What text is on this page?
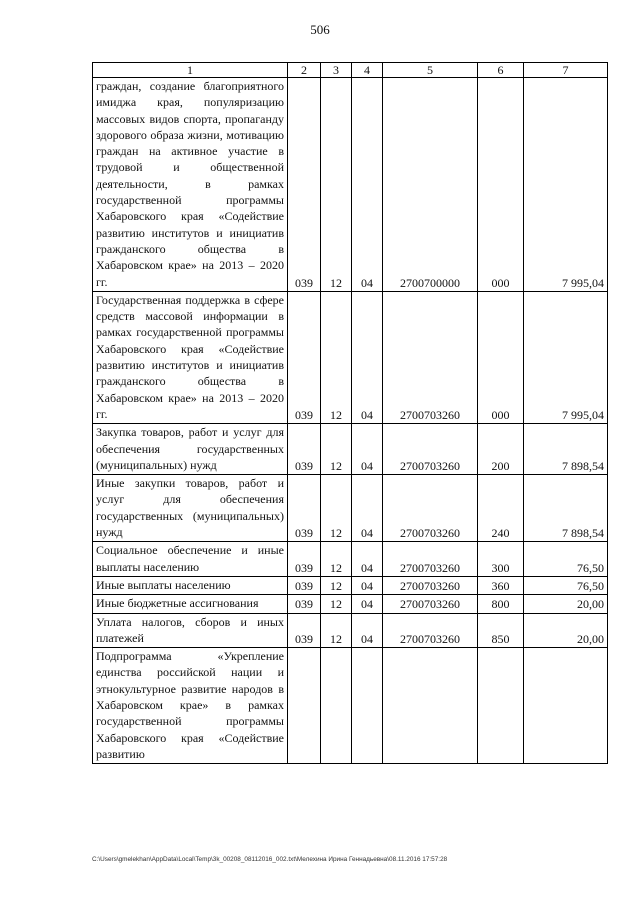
506
1	2	3	4	5	6	7
граждан, создание благоприятного имиджа края, популяризацию массовых видов спорта, пропаганду здорового образа жизни, мотивацию граждан на активное участие в трудовой и общественной деятельности, в рамках государственной программы Хабаровского края «Содействие развитию институтов и инициатив гражданского общества в Хабаровском крае» на 2013 – 2020 гг.	039	12	04	2700700000	000	7 995,04
Государственная поддержка в сфере средств массовой информации в рамках государственной программы Хабаровского края «Содействие развитию институтов и инициатив гражданского общества в Хабаровском крае» на 2013 – 2020 гг.	039	12	04	2700703260	000	7 995,04
Закупка товаров, работ и услуг для обеспечения государственных (муниципальных) нужд	039	12	04	2700703260	200	7 898,54
Иные закупки товаров, работ и услуг для обеспечения государственных (муниципальных) нужд	039	12	04	2700703260	240	7 898,54
Социальное обеспечение и иные выплаты населению	039	12	04	2700703260	300	76,50
Иные выплаты населению	039	12	04	2700703260	360	76,50
Иные бюджетные ассигнования	039	12	04	2700703260	800	20,00
Уплата налогов, сборов и иных платежей	039	12	04	2700703260	850	20,00
Подпрограмма «Укрепление единства российской нации и этнокультурное развитие народов в Хабаровском крае» в рамках государственной программы Хабаровского края «Содействие развитию						
C:\Users\gmelekhan\AppData\Local\Temp\3k_00208_08112016_002.txt\Мелехина Ирина Геннадьевна\08.11.2016 17:57:28
